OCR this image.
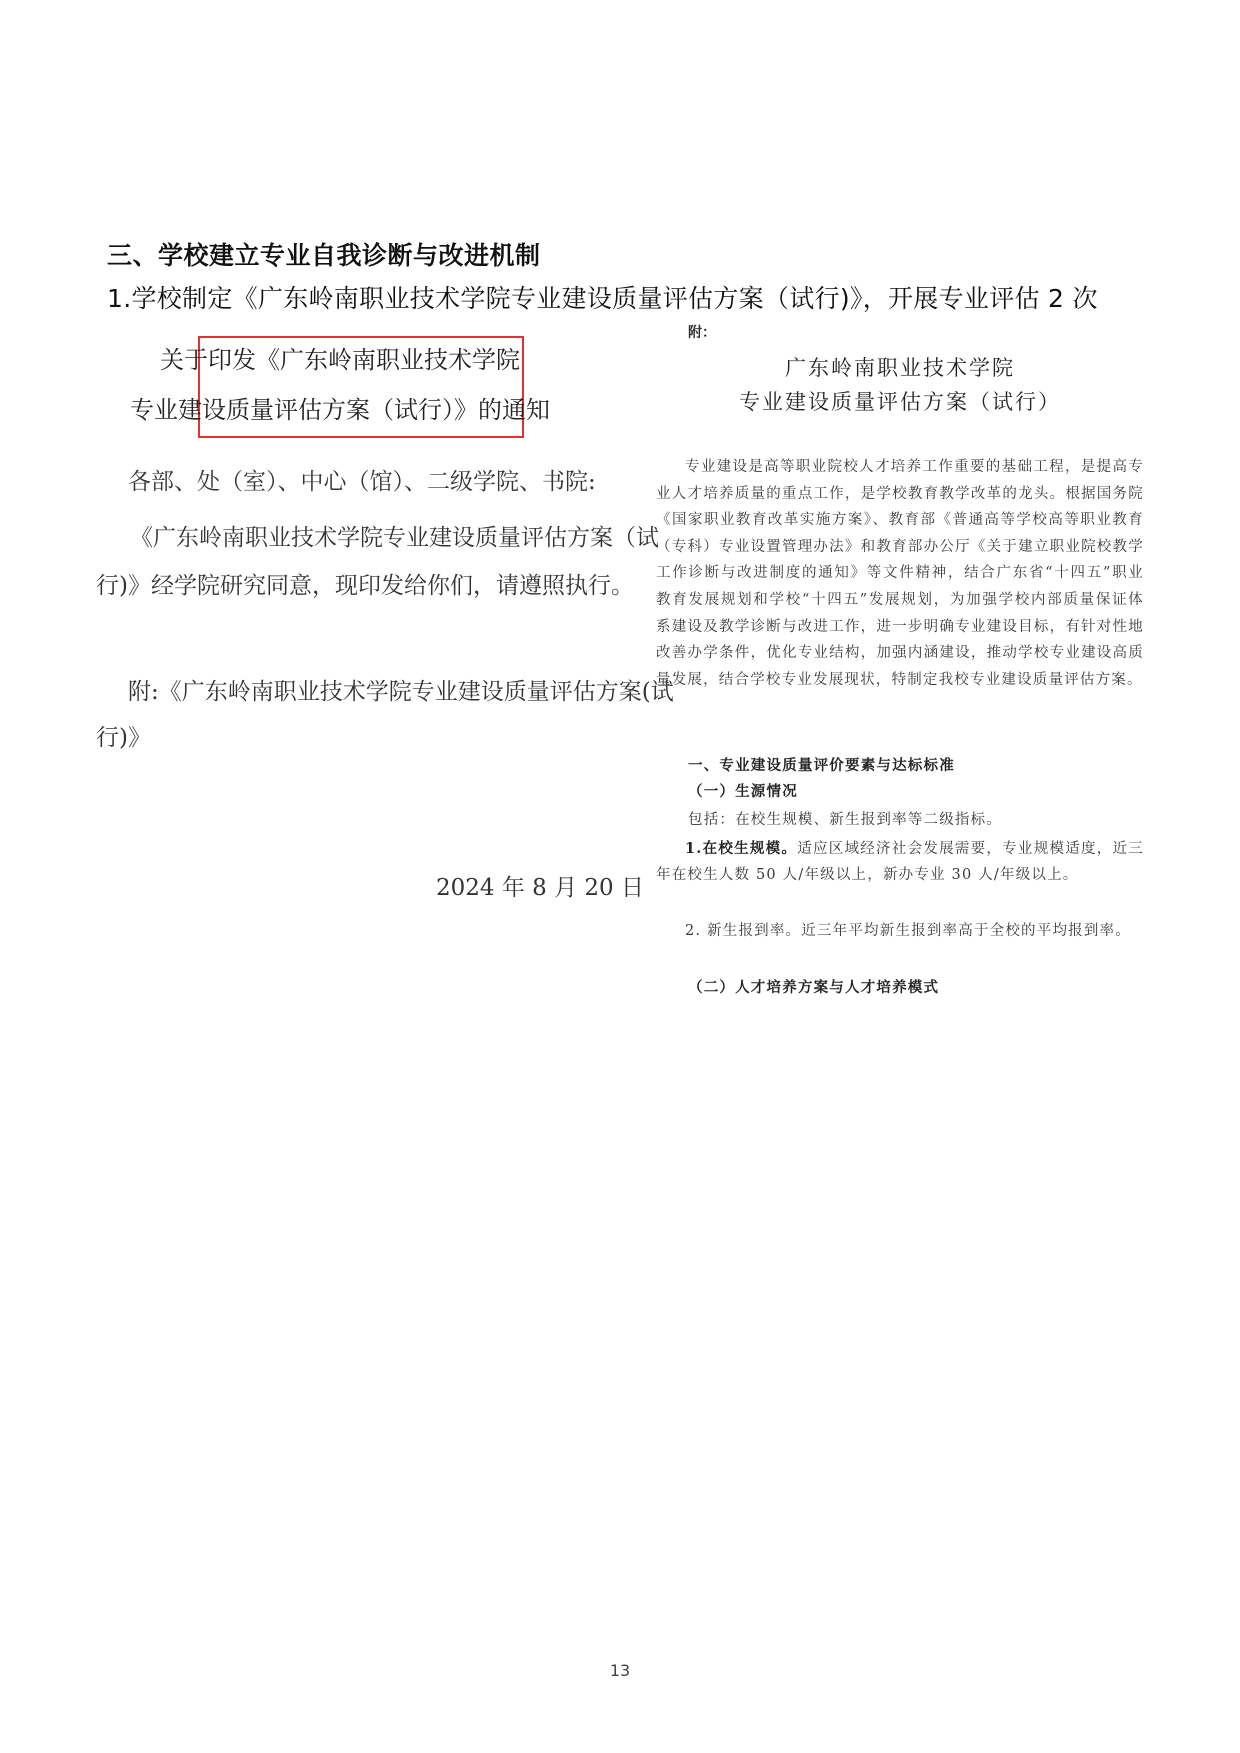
三、学校建立专业自我诊断与改进机制
1.学校制定《广东岭南职业技术学院专业建设质量评估方案（试行)》，开展专业评估 2 次
关于印发《广东岭南职业技术学院
专业建设质量评估方案（试行）》的通知
各部、处（室）、中心（馆）、二级学院、书院:
《广东岭南职业技术学院专业建设质量评估方案（试
行)》经学院研究同意，现印发给你们，请遵照执行。
附:《广东岭南职业技术学院专业建设质量评估方案(试
行)》
2024 年 8 月 20 日
附：
广东岭南职业技术学院
专业建设质量评估方案（试行）
专业建设是高等职业院校人才培养工作重要的基础工程，是提高专业人才培养质量的重点工作，是学校教育教学改革的龙头。根据国务院《国家职业教育改革实施方案》、教育部《普通高等学校高等职业教育（专科）专业设置管理办法》和教育部办公厅《关于建立职业院校教学工作诊断与改进制度的通知》等文件精神，结合广东省“十四五”职业教育发展规划和学校“十四五”发展规划，为加强学校内部质量保证体系建设及教学诊断与改进工作，进一步明确专业建设目标，有针对性地改善办学条件，优化专业结构，加强内涵建设，推动学校专业建设高质量发展，结合学校专业发展现状，特制定我校专业建设质量评估方案。
一、专业建设质量评价要素与达标标准
（一）生源情况
包括：在校生规模、新生报到率等二级指标。
1.在校生规模。适应区域经济社会发展需要，专业规模适度，近三年在校生人数 50 人/年级以上，新办专业 30 人/年级以上。
2. 新生报到率。近三年平均新生报到率高于全校的平均报到率。
（二）人才培养方案与人才培养模式
13
